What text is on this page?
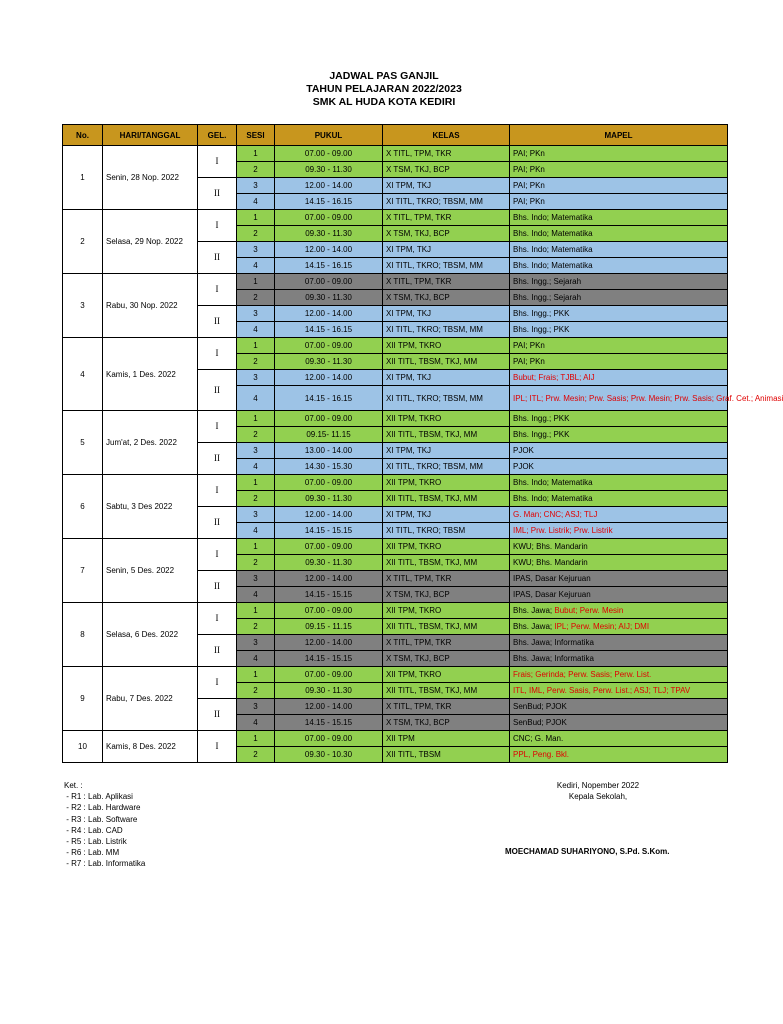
JADWAL PAS GANJIL
TAHUN PELAJARAN 2022/2023
SMK AL HUDA KOTA KEDIRI
No.	HARI/TANGGAL	GEL.	SESI	PUKUL	KELAS	MAPEL
1	Senin, 28 Nop. 2022	I	1	07.00 - 09.00	X TITL, TPM, TKR	PAI; PKn
			2	09.30 - 11.30	X TSM, TKJ, BCP	PAI; PKn
		II	3	12.00 - 14.00	XI TPM, TKJ	PAI; PKn
			4	14.15 - 16.15	XI TITL, TKRO; TBSM, MM	PAI; PKn
2	Selasa, 29 Nop. 2022	I	1	07.00 - 09.00	X TITL, TPM, TKR	Bhs. Indo; Matematika
			2	09.30 - 11.30	X TSM, TKJ, BCP	Bhs. Indo; Matematika
		II	3	12.00 - 14.00	XI TPM, TKJ	Bhs. Indo; Matematika
			4	14.15 - 16.15	XI TITL, TKRO; TBSM, MM	Bhs. Indo; Matematika
3	Rabu, 30 Nop. 2022	I	1	07.00 - 09.00	X TITL, TPM, TKR	Bhs. Ingg.; Sejarah
			2	09.30 - 11.30	X TSM, TKJ, BCP	Bhs. Ingg.; Sejarah
		II	3	12.00 - 14.00	XI TPM, TKJ	Bhs. Ingg.; PKK
			4	14.15 - 16.15	XI TITL, TKRO; TBSM, MM	Bhs. Ingg.; PKK
4	Kamis, 1 Des. 2022	I	1	07.00 - 09.00	XII TPM, TKRO	PAI; PKn
			2	09.30 - 11.30	XII TITL, TBSM, TKJ, MM	PAI; PKn
		II	3	12.00 - 14.00	XI TPM, TKJ	Bubut; Frais; TJBL; AIJ
			4	14.15 - 16.15	XI TITL, TKRO; TBSM, MM	IPL; ITL; Prw. Mesin; Prw. Sasis; Prw. Mesin; Prw. Sasis; Graf. Cet.; Animasi
5	Jum'at, 2 Des. 2022	I	1	07.00 - 09.00	XII TPM, TKRO	Bhs. Ingg.; PKK
			2	09.15- 11.15	XII TITL, TBSM, TKJ, MM	Bhs. Ingg.; PKK
		II	3	13.00 - 14.00	XI TPM, TKJ	PJOK
			4	14.30 - 15.30	XI TITL, TKRO; TBSM, MM	PJOK
6	Sabtu, 3 Des 2022	I	1	07.00 - 09.00	XII TPM, TKRO	Bhs. Indo; Matematika
			2	09.30 - 11.30	XII TITL, TBSM, TKJ, MM	Bhs. Indo; Matematika
		II	3	12.00 - 14.00	XI TPM, TKJ	G. Man; CNC; ASJ; TLJ
			4	14.15 - 15.15	XI TITL, TKRO; TBSM	IML; Prw. Listrik; Prw. Listrik
7	Senin, 5 Des. 2022	I	1	07.00 - 09.00	XII TPM, TKRO	KWU; Bhs. Mandarin
			2	09.30 - 11.30	XII TITL, TBSM, TKJ, MM	KWU; Bhs. Mandarin
		II	3	12.00 - 14.00	X TITL, TPM, TKR	IPAS, Dasar Kejuruan
			4	14.15 - 15.15	X TSM, TKJ, BCP	IPAS, Dasar Kejuruan
8	Selasa, 6 Des. 2022	I	1	07.00 - 09.00	XII TPM, TKRO	Bhs. Jawa; Bubut; Perw. Mesin
			2	09.15 - 11.15	XII TITL, TBSM, TKJ, MM	Bhs. Jawa; IPL; Perw. Mesin; AIJ; DMI
		II	3	12.00 - 14.00	X TITL, TPM, TKR	Bhs. Jawa; Informatika
			4	14.15 - 15.15	X TSM, TKJ, BCP	Bhs. Jawa; Informatika
9	Rabu, 7 Des. 2022	I	1	07.00 - 09.00	XII TPM, TKRO	Frais; Gerinda; Perw. Sasis; Perw. List.
			2	09.30 - 11.30	XII TITL, TBSM, TKJ, MM	ITL, IML, Perw. Sasis, Perw. List.; ASJ; TLJ; TPAV
		II	3	12.00 - 14.00	X TITL, TPM, TKR	SenBud; PJOK
			4	14.15 - 15.15	X TSM, TKJ, BCP	SenBud; PJOK
10	Kamis, 8 Des. 2022	I	1	07.00 - 09.00	XII TPM	CNC; G. Man.
			2	09.30 - 10.30	XII TITL, TBSM	PPL, Peng. Bkl.
Ket. :
- R1 : Lab. Aplikasi
- R2 : Lab. Hardware
- R3 : Lab. Software
- R4 : Lab. CAD
- R5 : Lab. Listrik
- R6 : Lab. MM
- R7 : Lab. Informatika
Kediri, Nopember 2022
Kepala Sekolah,
MOECHAMAD SUHARIYONO, S.Pd. S.Kom.
